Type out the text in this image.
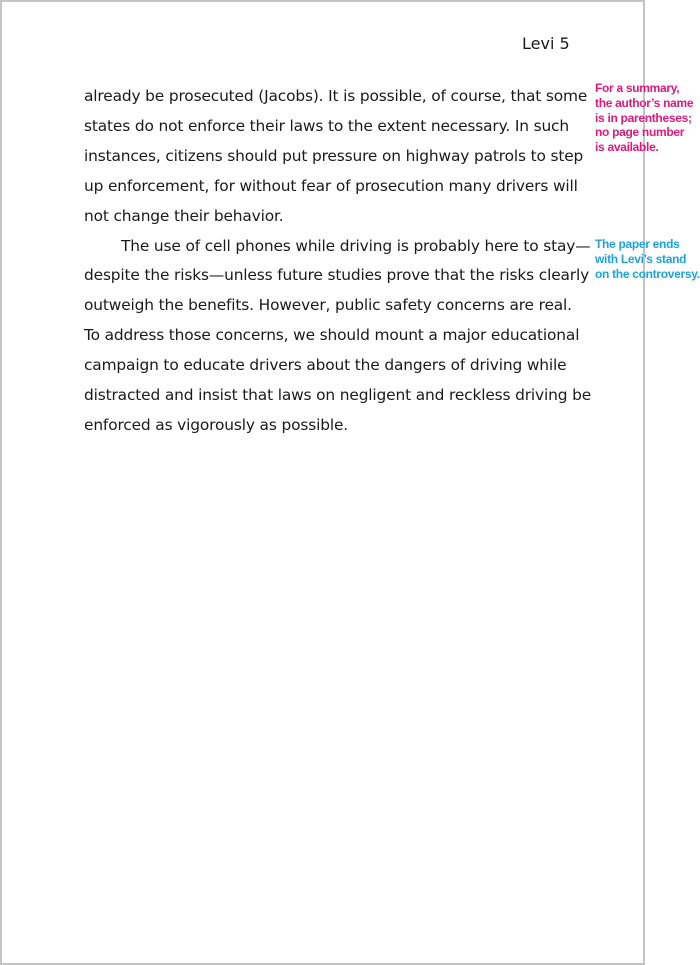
Levi 5

already be prosecuted (Jacobs). It is possible, of course, that some
states do not enforce their laws to the extent necessary. In such
instances, citizens should put pressure on highway patrols to step
up enforcement, for without fear of prosecution many drivers will
not change their behavior.

The use of cell phones while driving is probably here to stay—
despite the risks—unless future studies prove that the risks clearly
outweigh the benefits. However, public safety concerns are real.
To address those concerns, we should mount a major educational
campaign to educate drivers about the dangers of driving while
distracted and insist that laws on negligent and reckless driving be
enforced as vigorously as possible.

For a summary,
the author’s name
is in parentheses;
no page number
is available.
The paper ends
with Levi’s stand
on the controversy.
